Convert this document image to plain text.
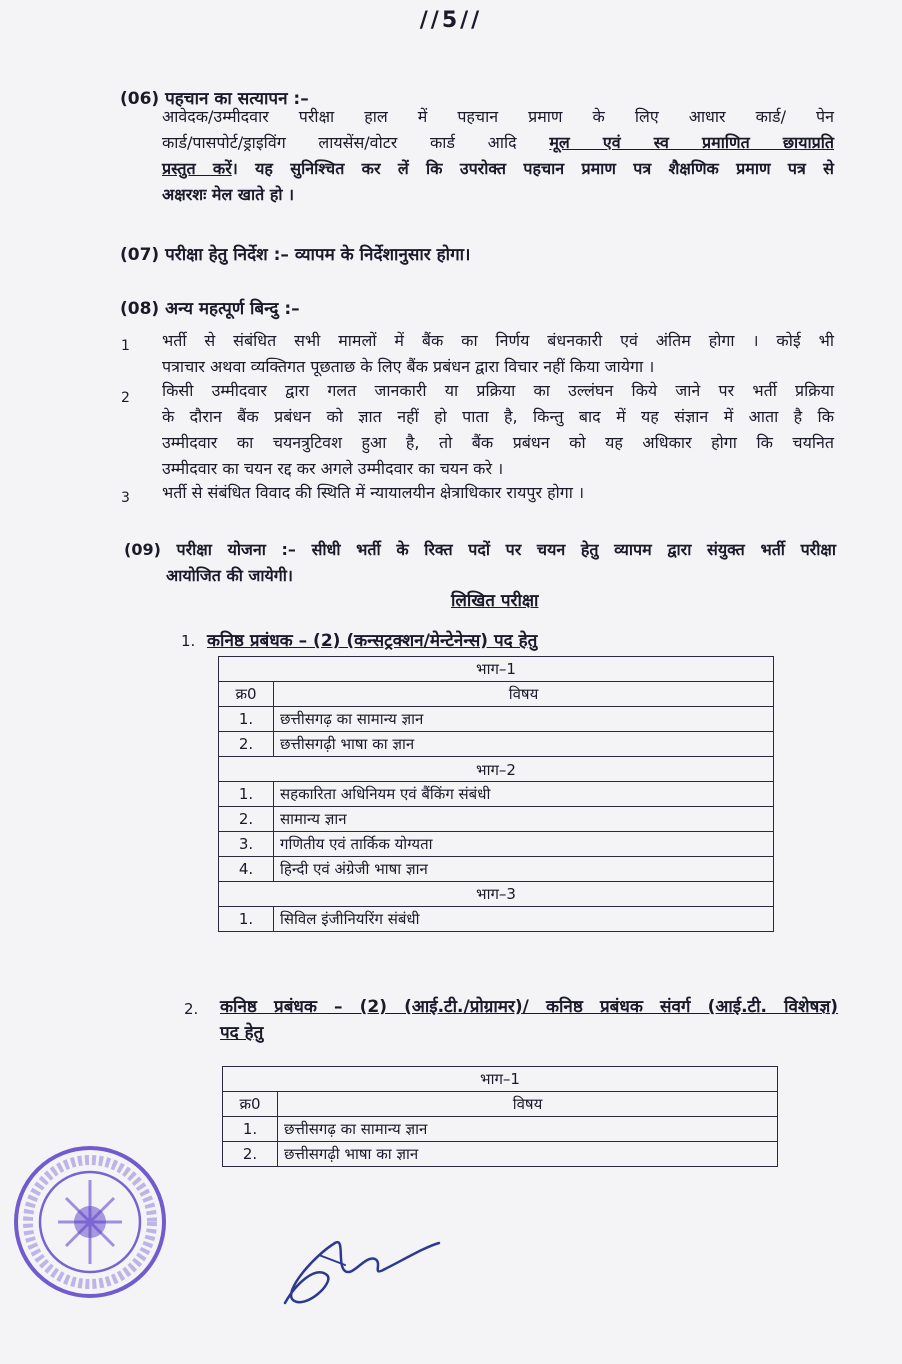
//5//
(06) पहचान का सत्यापन :–
आवेदक/उम्मीदवार परीक्षा हाल में पहचान प्रमाण के लिए आधार कार्ड/ पेन
कार्ड/पासपोर्ट/ड्राइविंग लायसेंस/वोटर कार्ड आदि मूल एवं स्व प्रमाणित छायाप्रति
प्रस्तुत करें। यह सुनिश्चित कर लें कि उपरोक्त पहचान प्रमाण पत्र शैक्षणिक प्रमाण पत्र से
अक्षरशः मेल खाते हो ।
(07) परीक्षा हेतु निर्देश :– व्यापम के निर्देशानुसार होगा।
(08) अन्य महत्पूर्ण बिन्दु :–
1 भर्ती से संबंधित सभी मामलों में बैंक का निर्णय बंधनकारी एवं अंतिम होगा । कोई भी
पत्राचार अथवा व्यक्तिगत पूछताछ के लिए बैंक प्रबंधन द्वारा विचार नहीं किया जायेगा ।
2 किसी उम्मीदवार द्वारा गलत जानकारी या प्रक्रिया का उल्लंघन किये जाने पर भर्ती प्रक्रिया
के दौरान बैंक प्रबंधन को ज्ञात नहीं हो पाता है, किन्तु बाद में यह संज्ञान में आता है कि
उम्मीदवार का चयनत्रुटिवश हुआ है, तो बैंक प्रबंधन को यह अधिकार होगा कि चयनित
उम्मीदवार का चयन रद्द कर अगले उम्मीदवार का चयन करे ।
3 भर्ती से संबंधित विवाद की स्थिति में न्यायालयीन क्षेत्राधिकार रायपुर होगा ।
(09) परीक्षा योजना :– सीधी भर्ती के रिक्त पदों पर चयन हेतु व्यापम द्वारा संयुक्त भर्ती परीक्षा
आयोजित की जायेगी।
लिखित परीक्षा
1. कनिष्ठ प्रबंधक – (2) (कन्सट्रक्शन/मेन्टेनेन्स) पद हेतु
भाग–1	
क्र0	विषय
1.	छत्तीसगढ़ का सामान्य ज्ञान
2.	छत्तीसगढ़ी भाषा का ज्ञान
भाग–2	
1.	सहकारिता अधिनियम एवं बैंकिंग संबंधी
2.	सामान्य ज्ञान
3.	गणितीय एवं तार्किक योग्यता
4.	हिन्दी एवं अंग्रेजी भाषा ज्ञान
भाग–3	
1.	सिविल इंजीनियरिंग संबंधी
2. कनिष्ठ प्रबंधक – (2) (आई.टी./प्रोग्रामर)/ कनिष्ठ प्रबंधक संवर्ग (आई.टी. विशेषज्ञ)
पद हेतु
भाग–1	
क्र0	विषय
1.	छत्तीसगढ़ का सामान्य ज्ञान
2.	छत्तीसगढ़ी भाषा का ज्ञान
